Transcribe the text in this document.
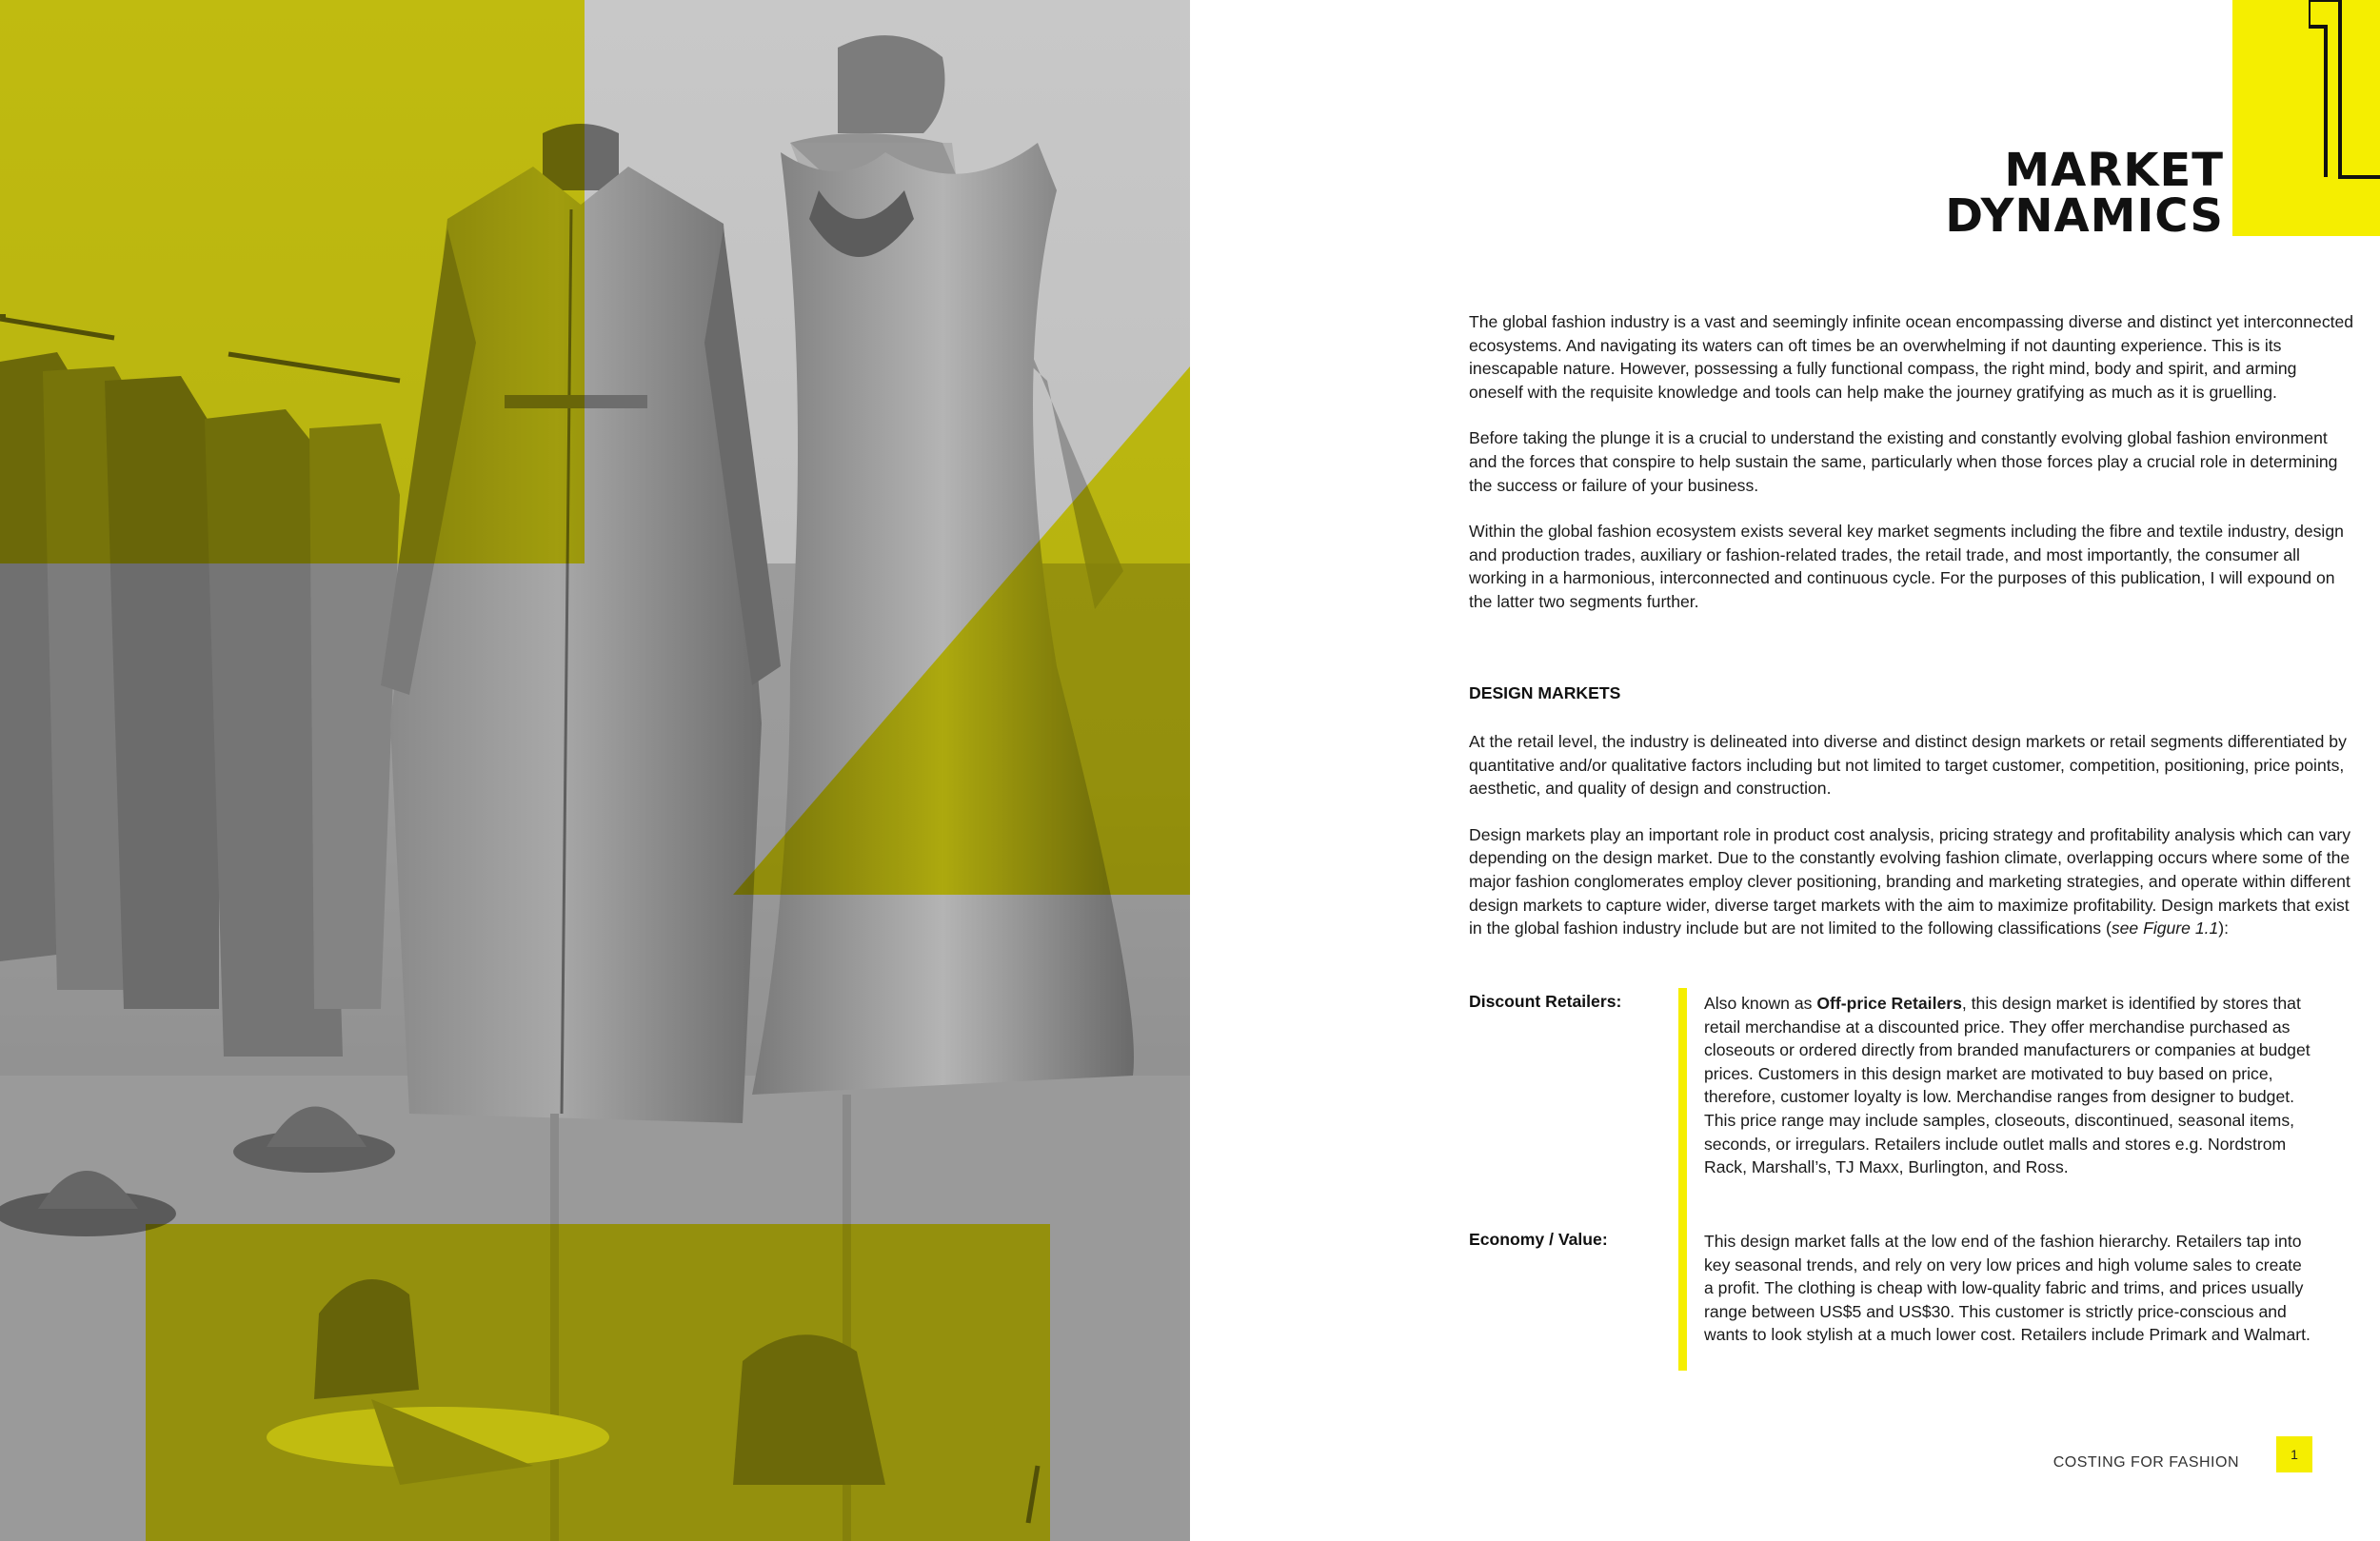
MARKET
DYNAMICS

The global fashion industry is a vast and seemingly infinite ocean encompassing diverse and distinct yet interconnected ecosystems. And navigating its waters can oft times be an overwhelming if not daunting experience. This is its inescapable nature. However, possessing a fully functional compass, the right mind, body and spirit, and arming oneself with the requisite knowledge and tools can help make the journey gratifying as much as it is gruelling.

Before taking the plunge it is a crucial to understand the existing and constantly evolving global fashion environment and the forces that conspire to help sustain the same, particularly when those forces play a crucial role in determining the success or failure of your business.

Within the global fashion ecosystem exists several key market segments including the fibre and textile industry, design and production trades, auxiliary or fashion-related trades, the retail trade, and most importantly, the consumer all working in a harmonious, interconnected and continuous cycle. For the purposes of this publication, I will expound on the latter two segments further.

DESIGN MARKETS

At the retail level, the industry is delineated into diverse and distinct design markets or retail segments differentiated by quantitative and/or qualitative factors including but not limited to target customer, competition, positioning, price points, aesthetic, and quality of design and construction.

Design markets play an important role in product cost analysis, pricing strategy and profitability analysis which can vary depending on the design market. Due to the constantly evolving fashion climate, overlapping occurs where some of the major fashion conglomerates employ clever positioning, branding and marketing strategies, and operate within different design markets to capture wider, diverse target markets with the aim to maximize profitability. Design markets that exist in the global fashion industry include but are not limited to the following classifications (see Figure 1.1):

Discount Retailers:	Also known as Off-price Retailers, this design market is identified by stores that retail merchandise at a discounted price. They offer merchandise purchased as closeouts or ordered directly from branded manufacturers or companies at budget prices. Customers in this design market are motivated to buy based on price, therefore, customer loyalty is low. Merchandise ranges from designer to budget. This price range may include samples, closeouts, discontinued, seasonal items, seconds, or irregulars. Retailers include outlet malls and stores e.g. Nordstrom Rack, Marshall’s, TJ Maxx, Burlington, and Ross.

Economy / Value:	This design market falls at the low end of the fashion hierarchy. Retailers tap into key seasonal trends, and rely on very low prices and high volume sales to create a profit. The clothing is cheap with low-quality fabric and trims, and prices usually range between US$5 and US$30. This customer is strictly price-conscious and wants to look stylish at a much lower cost. Retailers include Primark and Walmart.

COSTING FOR FASHION	1
